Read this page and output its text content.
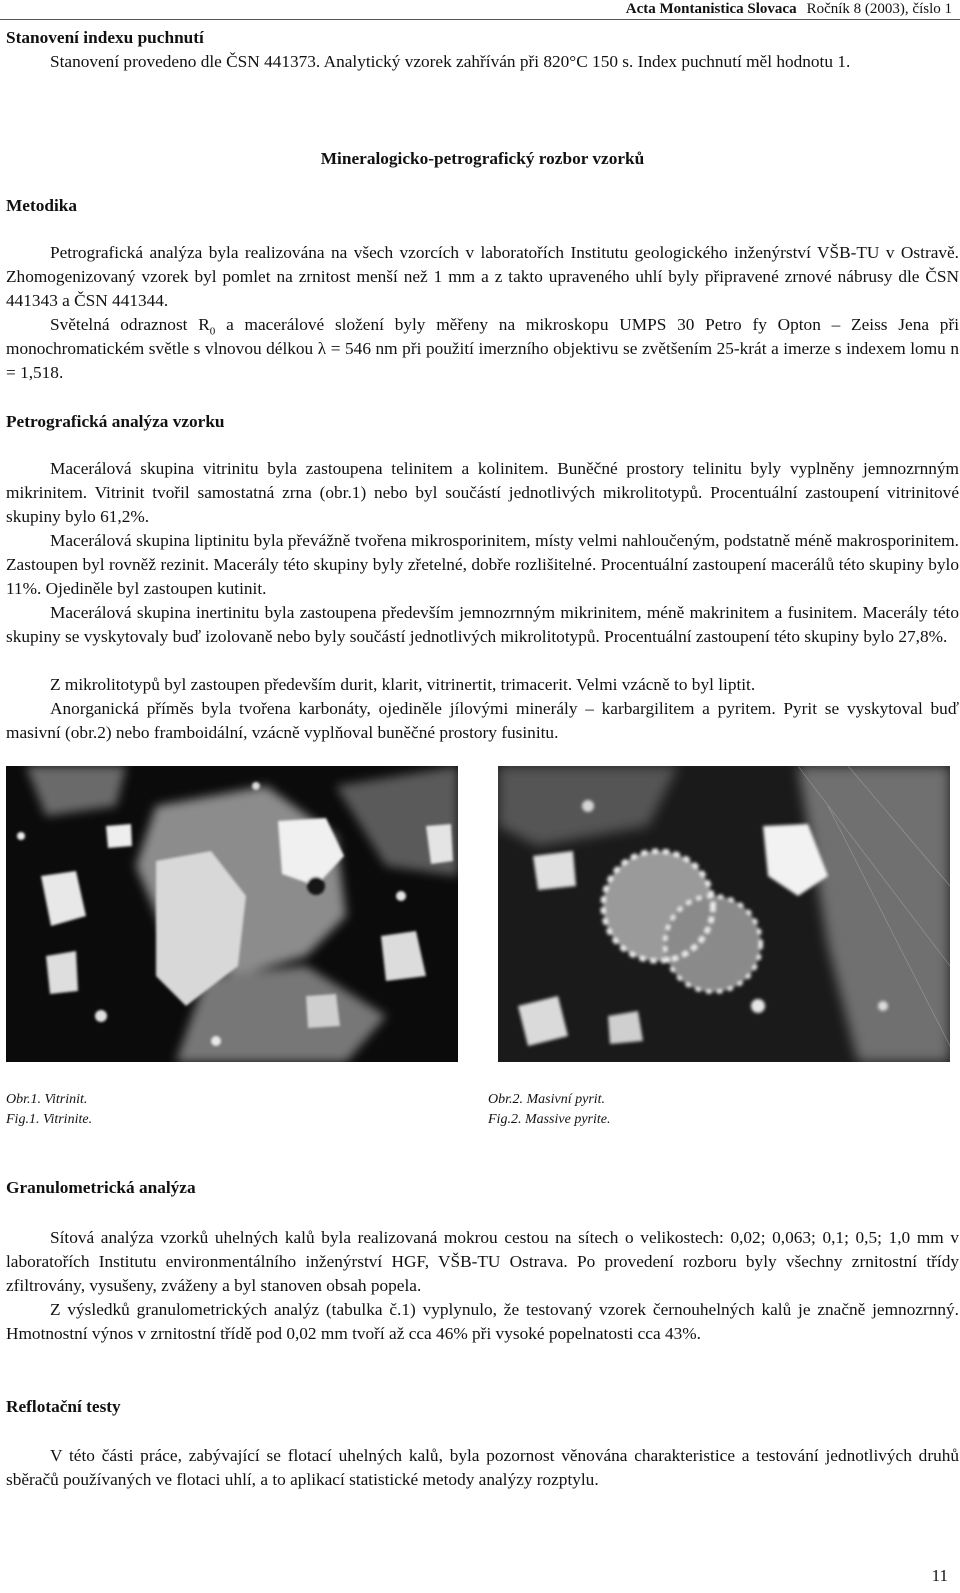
Acta Montanistica Slovaca Ročník 8 (2003), číslo 1
Stanovení indexu puchnutí
Stanovení provedeno dle ČSN 441373. Analytický vzorek zahříván při 820°C 150 s. Index puchnutí měl hodnotu 1.
Mineralogicko-petrografický rozbor vzorků
Metodika
Petrografická analýza byla realizována na všech vzorcích v laboratořích Institutu geologického inženýrství VŠB-TU v Ostravě. Zhomogenizovaný vzorek byl pomlet na zrnitost menší než 1 mm a z takto upraveného uhlí byly připravené zrnové nábrusy dle ČSN 441343 a ČSN 441344.
Světelná odraznost $R_0$ a macerálové složení byly měřeny na mikroskopu UMPS 30 Petro fy Opton – Zeiss Jena při monochromatickém světle s vlnovou délkou λ = 546 nm při použití imerzního objektivu se zvětšením 25-krát a imerze s indexem lomu n = 1,518.
Petrografická analýza vzorku
Macerálová skupina vitrinitu byla zastoupena telinitem a kolinitem. Buněčné prostory telinitu byly vyplněny jemnozrnným mikrinitem. Vitrinit tvořil samostatná zrna (obr.1) nebo byl součástí jednotlivých mikrolitotypů. Procentuální zastoupení vitrinitové skupiny bylo 61,2%.
Macerálová skupina liptinitu byla převážně tvořena mikrosporinitem, místy velmi nahloučeným, podstatně méně makrosporinitem. Zastoupen byl rovněž rezinit. Macerály této skupiny byly zřetelné, dobře rozlišitelné. Procentuální zastoupení macerálů této skupiny bylo 11%. Ojediněle byl zastoupen kutinit.
Macerálová skupina inertinitu byla zastoupena především jemnozrnným mikrinitem, méně makrinitem a fusinitem. Macerály této skupiny se vyskytovaly buď izolovaně nebo byly součástí jednotlivých mikrolitotypů. Procentuální zastoupení této skupiny bylo 27,8%.
Z mikrolitotypů byl zastoupen především durit, klarit, vitrinertit, trimacerit. Velmi vzácně to byl liptit.
Anorganická příměs byla tvořena karbonáty, ojediněle jílovými minerály – karbargilitem a pyritem. Pyrit se vyskytoval buď masivní (obr.2) nebo framboidální, vzácně vyplňoval buněčné prostory fusinitu.
Obr.1. Vitrinit.
Fig.1. Vitrinite.
Obr.2. Masivní pyrit.
Fig.2. Massive pyrite.
Granulometrická analýza
Sítová analýza vzorků uhelných kalů byla realizovaná mokrou cestou na sítech o velikostech: 0,02; 0,063; 0,1; 0,5; 1,0 mm v laboratořích Institutu environmentálního inženýrství HGF, VŠB-TU Ostrava. Po provedení rozboru byly všechny zrnitostní třídy zfiltrovány, vysušeny, zváženy a byl stanoven obsah popela.
Z výsledků granulometrických analýz (tabulka č.1) vyplynulo, že testovaný vzorek černouhelných kalů je značně jemnozrnný. Hmotnostní výnos v zrnitostní třídě pod 0,02 mm tvoří až cca 46% při vysoké popelnatosti cca 43%.
Reflotační testy
V této části práce, zabývající se flotací uhelných kalů, byla pozornost věnována charakteristice a testování jednotlivých druhů sběračů používaných ve flotaci uhlí, a to aplikací statistické metody analýzy rozptylu.
11
